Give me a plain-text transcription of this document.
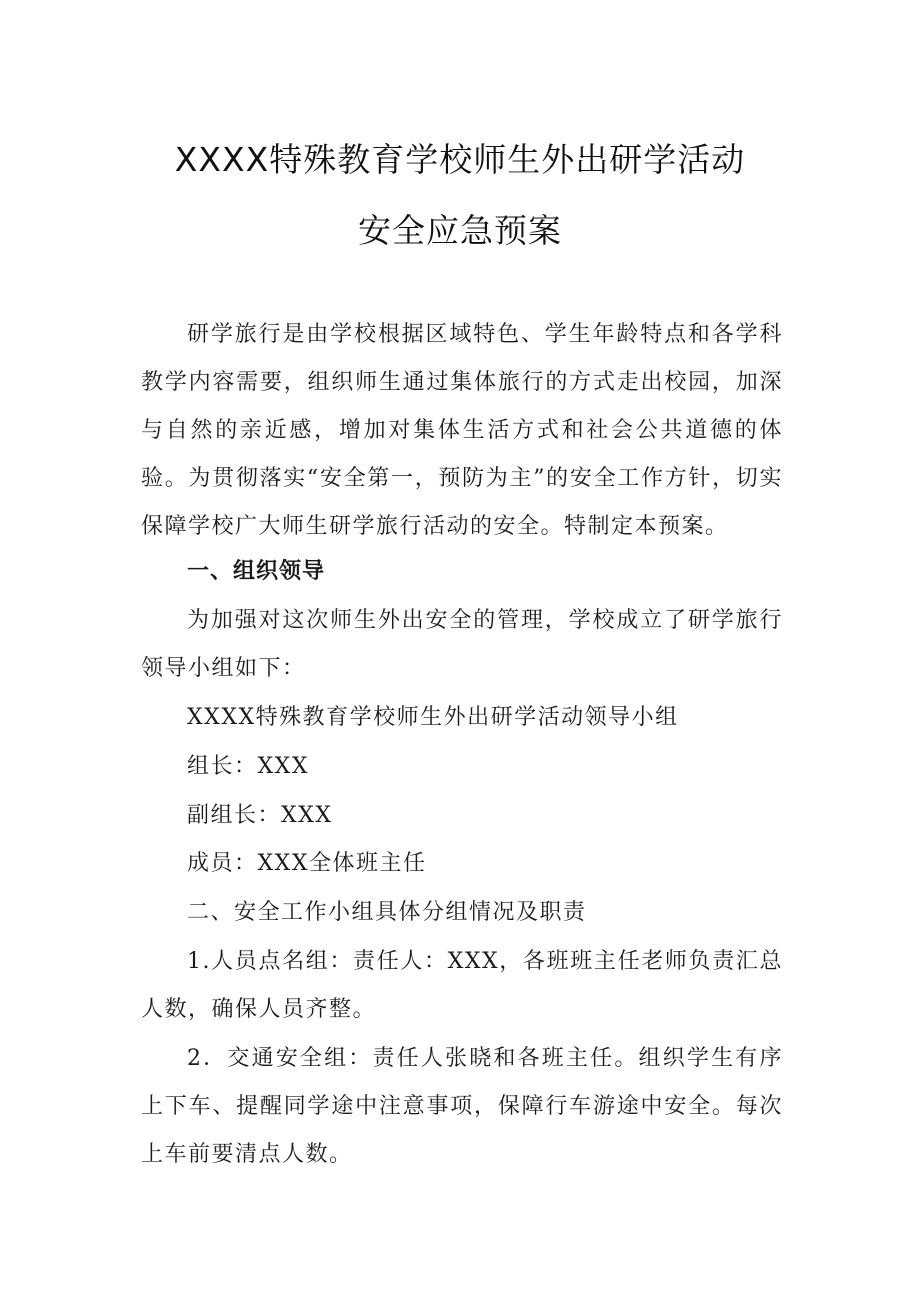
XXXX特殊教育学校师生外出研学活动
安全应急预案
研学旅行是由学校根据区域特色、学生年龄特点和各学科教学内容需要，组织师生通过集体旅行的方式走出校园，加深与自然的亲近感，增加对集体生活方式和社会公共道德的体验。为贯彻落实“安全第一，预防为主”的安全工作方针，切实保障学校广大师生研学旅行活动的安全。特制定本预案。
一、组织领导
为加强对这次师生外出安全的管理，学校成立了研学旅行领导小组如下：
XXXX特殊教育学校师生外出研学活动领导小组
组长：XXX
副组长：XXX
成员：XXX全体班主任
二、安全工作小组具体分组情况及职责
1.人员点名组：责任人：XXX，各班班主任老师负责汇总人数，确保人员齐整。
2．交通安全组：责任人张晓和各班主任。组织学生有序上下车、提醒同学途中注意事项，保障行车游途中安全。每次上车前要清点人数。
